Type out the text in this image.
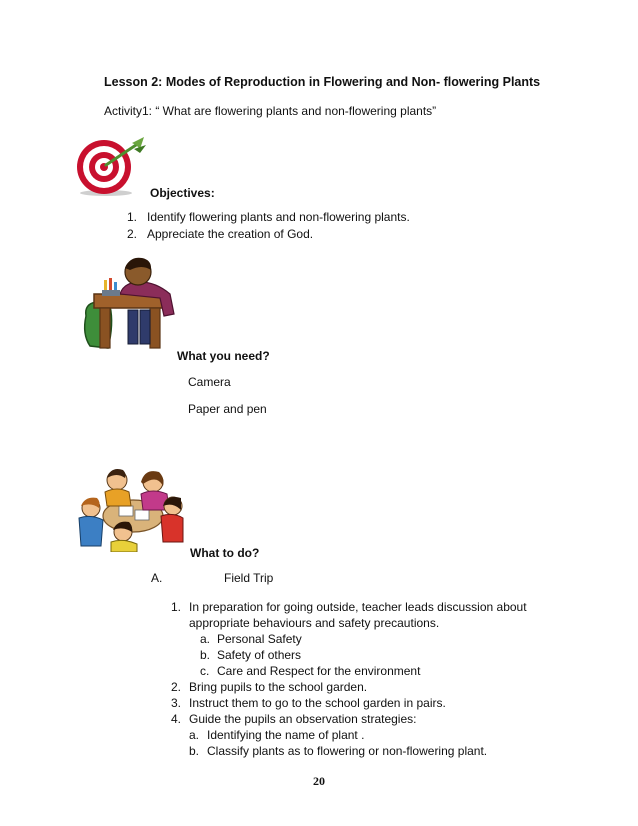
Lesson 2: Modes of Reproduction in Flowering and Non- flowering Plants
Activity1: “ What are flowering plants and non-flowering plants”
Objectives:
1. Identify flowering plants and non-flowering plants.
2. Appreciate the creation of God.
What you need?
Camera
Paper and pen
What to do?
A.	Field Trip
1. In preparation for going outside, teacher leads discussion about
appropriate behaviours and safety precautions.
a. Personal Safety
b. Safety of others
c. Care and Respect for the environment
2. Bring pupils to the school garden.
3. Instruct them to go to the school garden in pairs.
4. Guide the pupils an observation strategies:
a. Identifying the name of plant .
b. Classify plants as to flowering or non-flowering plant.
20
